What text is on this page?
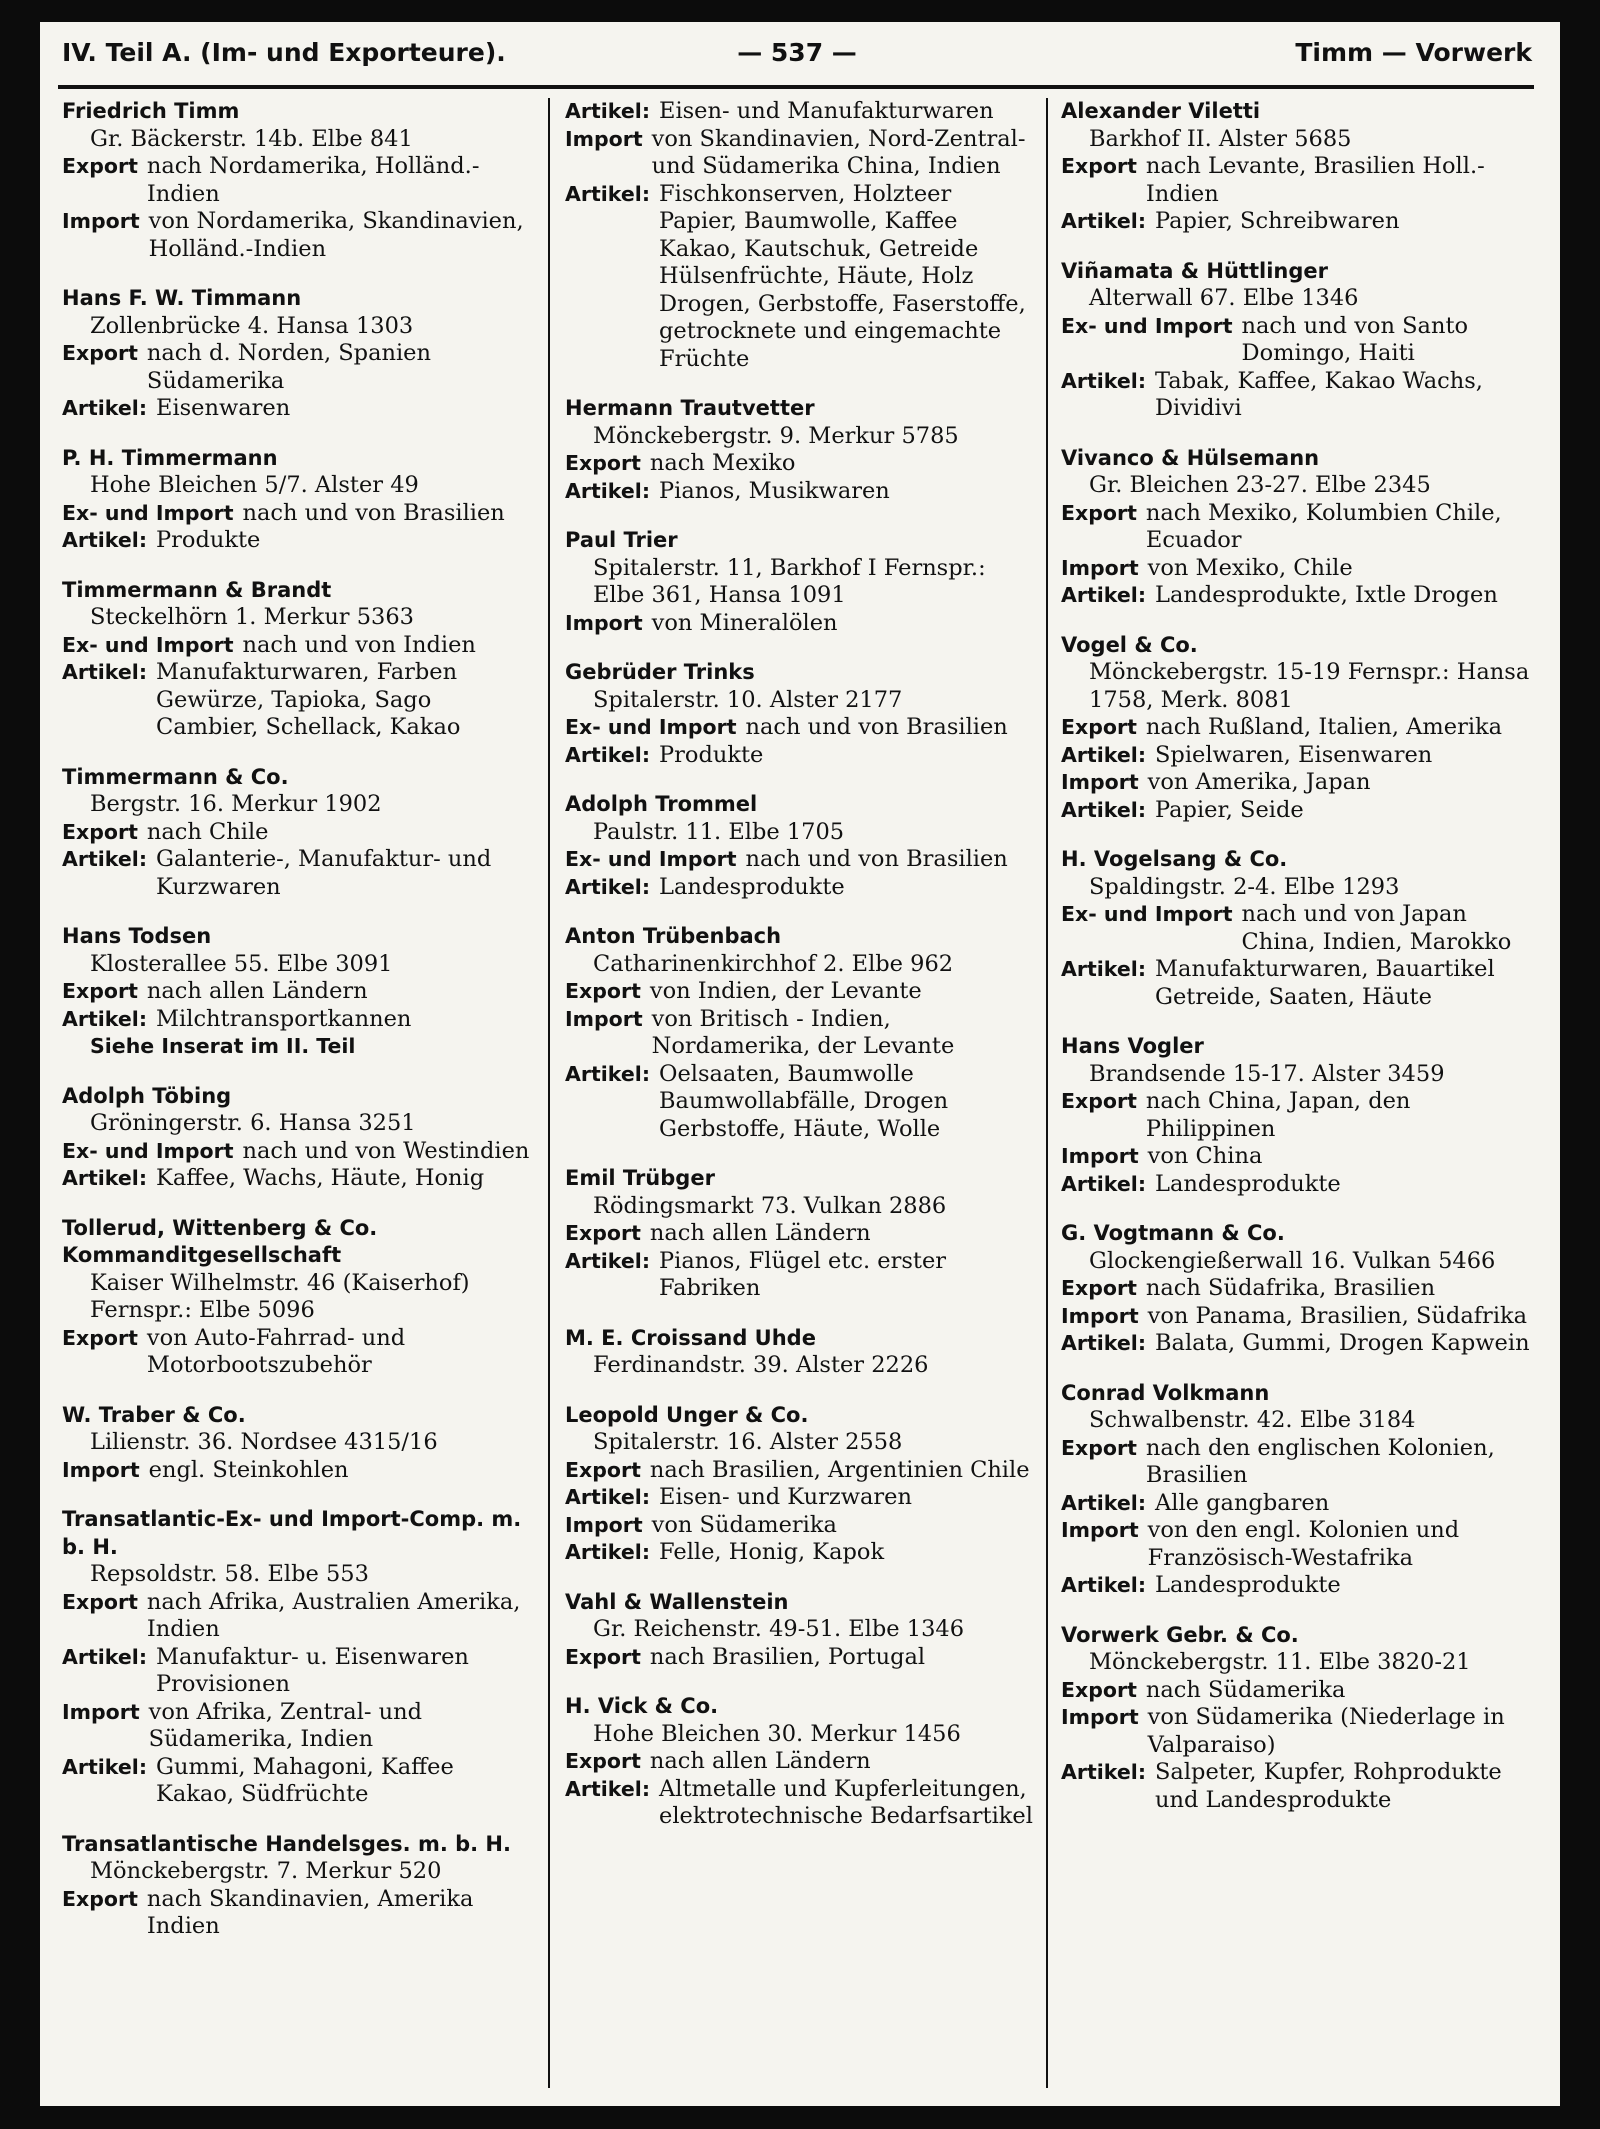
IV. Teil A. (Im- und Exporteure).	— 537 —	Timm — Vorwerk
Friedrich Timm
Gr. Bäckerstr. 14b. Elbe 841
Export nach Nordamerika, Holländ.-Indien
Import von Nordamerika, Skandinavien, Holländ.-Indien
Hans F. W. Timmann
Zollenbrücke 4. Hansa 1303
Export nach d. Norden, Spanien Südamerika
Artikel: Eisenwaren
P. H. Timmermann
Hohe Bleichen 5/7. Alster 49
Ex- und Import nach und von Brasilien
Artikel: Produkte
Timmermann & Brandt
Steckelhörn 1. Merkur 5363
Ex- und Import nach und von Indien
Artikel: Manufakturwaren, Farben Gewürze, Tapioka, Sago Cambier, Schellack, Kakao
Timmermann & Co.
Bergstr. 16. Merkur 1902
Export nach Chile
Artikel: Galanterie-, Manufaktur- und Kurzwaren
Hans Todsen
Klosterallee 55. Elbe 3091
Export nach allen Ländern
Artikel: Milchtransportkannen
Siehe Inserat im II. Teil
Adolph Töbing
Gröningerstr. 6. Hansa 3251
Ex- und Import nach und von Westindien
Artikel: Kaffee, Wachs, Häute, Honig
Tollerud, Wittenberg & Co. Kommanditgesellschaft
Kaiser Wilhelmstr. 46 (Kaiserhof) Fernspr.: Elbe 5096
Export von Auto-Fahrrad- und Motorbootszubehör
W. Traber & Co.
Lilienstr. 36. Nordsee 4315/16
Import engl. Steinkohlen
Transatlantic-Ex- und Import-Comp. m. b. H.
Repsoldstr. 58. Elbe 553
Export nach Afrika, Australien Amerika, Indien
Artikel: Manufaktur- u. Eisenwaren Provisionen
Import von Afrika, Zentral- und Südamerika, Indien
Artikel: Gummi, Mahagoni, Kaffee Kakao, Südfrüchte
Transatlantische Handelsges. m. b. H.
Mönckebergstr. 7. Merkur 520
Export nach Skandinavien, Amerika Indien
Artikel: Eisen- und Manufakturwaren
Import von Skandinavien, Nord-Zentral- und Südamerika China, Indien
Artikel: Fischkonserven, Holzteer Papier, Baumwolle, Kaffee Kakao, Kautschuk, Getreide Hülsenfrüchte, Häute, Holz Drogen, Gerbstoffe, Faserstoffe, getrocknete und eingemachte Früchte
Hermann Trautvetter
Mönckebergstr. 9. Merkur 5785
Export nach Mexiko
Artikel: Pianos, Musikwaren
Paul Trier
Spitalerstr. 11, Barkhof I Fernspr.: Elbe 361, Hansa 1091
Import von Mineralölen
Gebrüder Trinks
Spitalerstr. 10. Alster 2177
Ex- und Import nach und von Brasilien
Artikel: Produkte
Adolph Trommel
Paulstr. 11. Elbe 1705
Ex- und Import nach und von Brasilien
Artikel: Landesprodukte
Anton Trübenbach
Catharinenkirchhof 2. Elbe 962
Export von Indien, der Levante
Import von Britisch - Indien, Nordamerika, der Levante
Artikel: Oelsaaten, Baumwolle Baumwollabfälle, Drogen Gerbstoffe, Häute, Wolle
Emil Trübger
Rödingsmarkt 73. Vulkan 2886
Export nach allen Ländern
Artikel: Pianos, Flügel etc. erster Fabriken
M. E. Croissand Uhde
Ferdinandstr. 39. Alster 2226
Leopold Unger & Co.
Spitalerstr. 16. Alster 2558
Export nach Brasilien, Argentinien Chile
Artikel: Eisen- und Kurzwaren
Import von Südamerika
Artikel: Felle, Honig, Kapok
Vahl & Wallenstein
Gr. Reichenstr. 49-51. Elbe 1346
Export nach Brasilien, Portugal
H. Vick & Co.
Hohe Bleichen 30. Merkur 1456
Export nach allen Ländern
Artikel: Altmetalle und Kupferleitungen, elektrotechnische Bedarfsartikel
Alexander Viletti
Barkhof II. Alster 5685
Export nach Levante, Brasilien Holl.-Indien
Artikel: Papier, Schreibwaren
Viñamata & Hüttlinger
Alterwall 67. Elbe 1346
Ex- und Import nach und von Santo Domingo, Haiti
Artikel: Tabak, Kaffee, Kakao Wachs, Dividivi
Vivanco & Hülsemann
Gr. Bleichen 23-27. Elbe 2345
Export nach Mexiko, Kolumbien Chile, Ecuador
Import von Mexiko, Chile
Artikel: Landesprodukte, Ixtle Drogen
Vogel & Co.
Mönckebergstr. 15-19 Fernspr.: Hansa 1758, Merk. 8081
Export nach Rußland, Italien, Amerika
Artikel: Spielwaren, Eisenwaren
Import von Amerika, Japan
Artikel: Papier, Seide
H. Vogelsang & Co.
Spaldingstr. 2-4. Elbe 1293
Ex- und Import nach und von Japan China, Indien, Marokko
Artikel: Manufakturwaren, Bauartikel Getreide, Saaten, Häute
Hans Vogler
Brandsende 15-17. Alster 3459
Export nach China, Japan, den Philippinen
Import von China
Artikel: Landesprodukte
G. Vogtmann & Co.
Glockengießerwall 16. Vulkan 5466
Export nach Südafrika, Brasilien
Import von Panama, Brasilien, Südafrika
Artikel: Balata, Gummi, Drogen Kapwein
Conrad Volkmann
Schwalbenstr. 42. Elbe 3184
Export nach den englischen Kolonien, Brasilien
Artikel: Alle gangbaren
Import von den engl. Kolonien und Französisch-Westafrika
Artikel: Landesprodukte
Vorwerk Gebr. & Co.
Mönckebergstr. 11. Elbe 3820-21
Export nach Südamerika
Import von Südamerika (Niederlage in Valparaiso)
Artikel: Salpeter, Kupfer, Rohprodukte und Landesprodukte
